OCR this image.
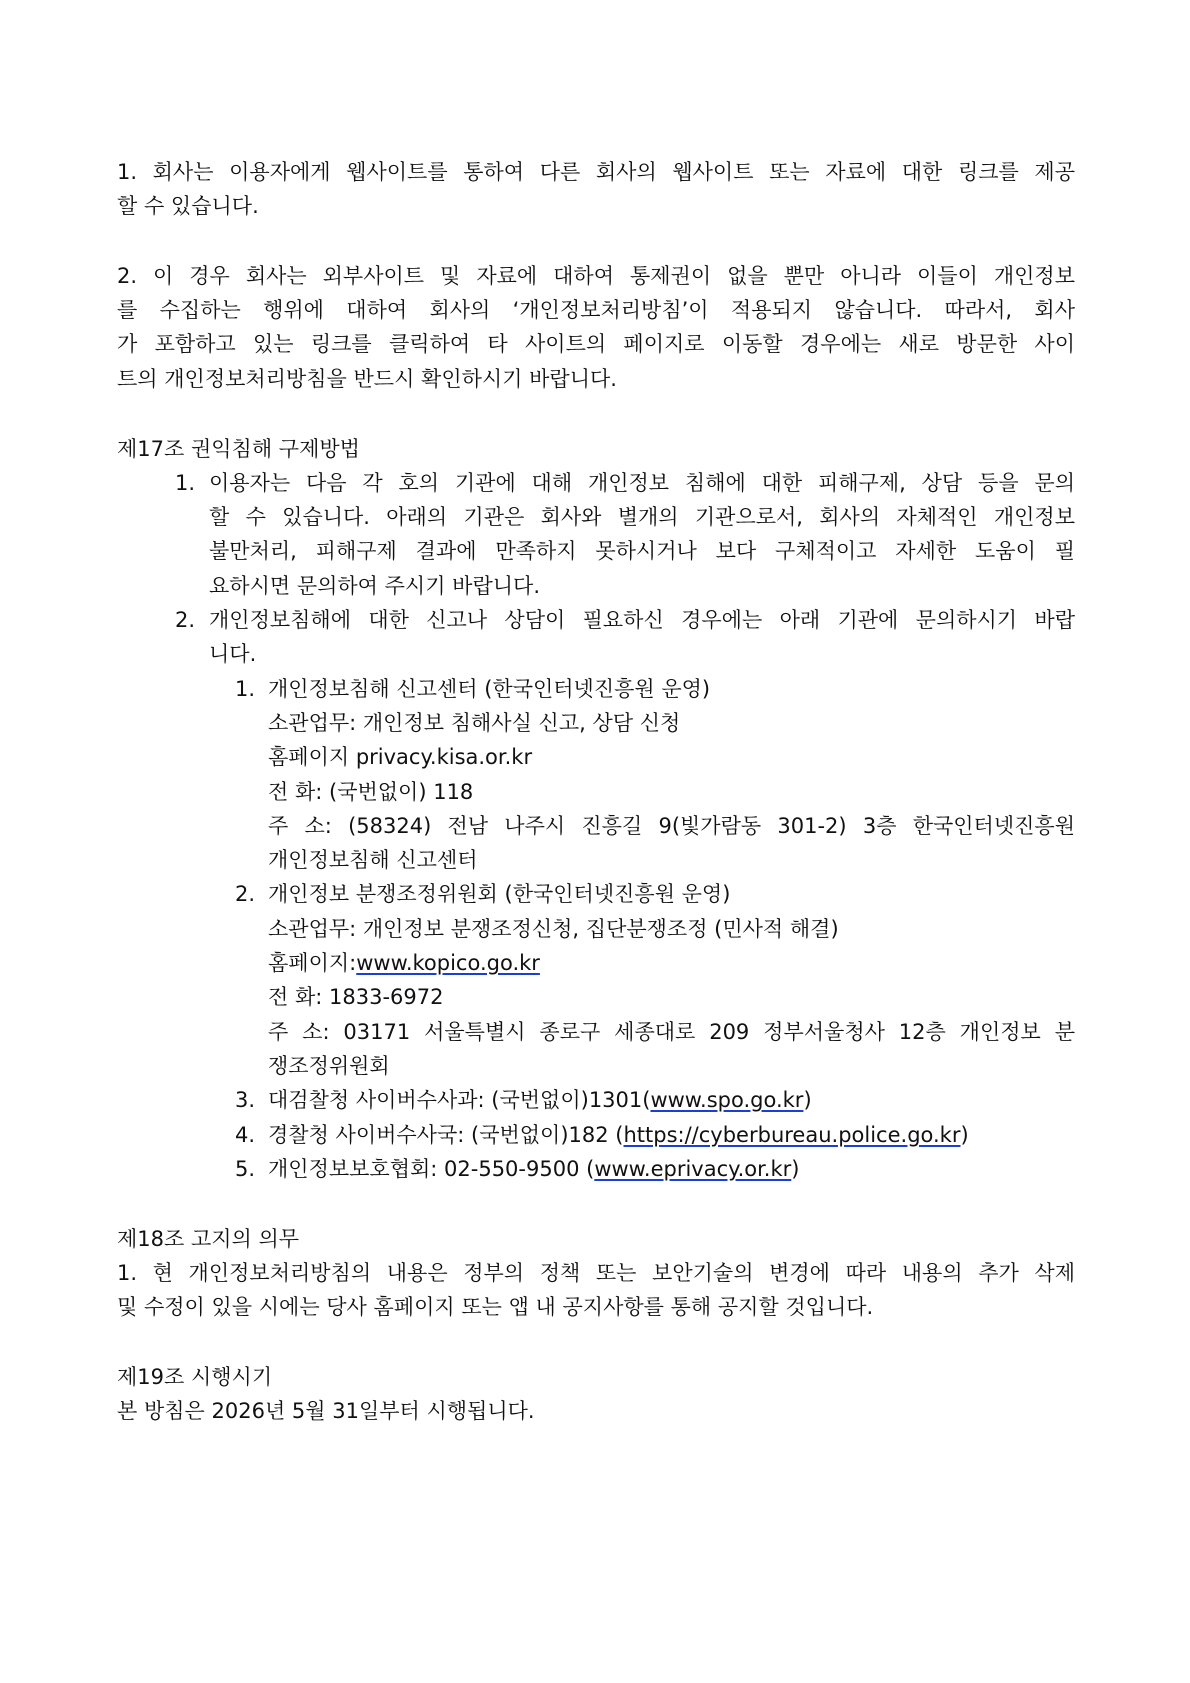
1. 회사는 이용자에게 웹사이트를 통하여 다른 회사의 웹사이트 또는 자료에 대한 링크를 제공
할 수 있습니다.
2. 이 경우 회사는 외부사이트 및 자료에 대하여 통제권이 없을 뿐만 아니라 이들이 개인정보
를 수집하는 행위에 대하여 회사의 ‘개인정보처리방침’이 적용되지 않습니다. 따라서, 회사
가 포함하고 있는 링크를 클릭하여 타 사이트의 페이지로 이동할 경우에는 새로 방문한 사이
트의 개인정보처리방침을 반드시 확인하시기 바랍니다.
제17조 권익침해 구제방법
1. 이용자는 다음 각 호의 기관에 대해 개인정보 침해에 대한 피해구제, 상담 등을 문의
할 수 있습니다. 아래의 기관은 회사와 별개의 기관으로서, 회사의 자체적인 개인정보
불만처리, 피해구제 결과에 만족하지 못하시거나 보다 구체적이고 자세한 도움이 필
요하시면 문의하여 주시기 바랍니다.
2. 개인정보침해에 대한 신고나 상담이 필요하신 경우에는 아래 기관에 문의하시기 바랍
니다.
1. 개인정보침해 신고센터 (한국인터넷진흥원 운영)
소관업무: 개인정보 침해사실 신고, 상담 신청
홈페이지 privacy.kisa.or.kr
전 화: (국번없이) 118
주 소: (58324) 전남 나주시 진흥길 9(빛가람동 301-2) 3층 한국인터넷진흥원
개인정보침해 신고센터
2. 개인정보 분쟁조정위원회 (한국인터넷진흥원 운영)
소관업무: 개인정보 분쟁조정신청, 집단분쟁조정 (민사적 해결)
홈페이지:www.kopico.go.kr
전 화: 1833-6972
주 소: 03171 서울특별시 종로구 세종대로 209 정부서울청사 12층 개인정보 분
쟁조정위원회
3. 대검찰청 사이버수사과: (국번없이)1301(www.spo.go.kr)
4. 경찰청 사이버수사국: (국번없이)182 (https://cyberbureau.police.go.kr)
5. 개인정보보호협회: 02-550-9500 (www.eprivacy.or.kr)
제18조 고지의 의무
1. 현 개인정보처리방침의 내용은 정부의 정책 또는 보안기술의 변경에 따라 내용의 추가 삭제
및 수정이 있을 시에는 당사 홈페이지 또는 앱 내 공지사항를 통해 공지할 것입니다.
제19조 시행시기
본 방침은 2026년 5월 31일부터 시행됩니다.
